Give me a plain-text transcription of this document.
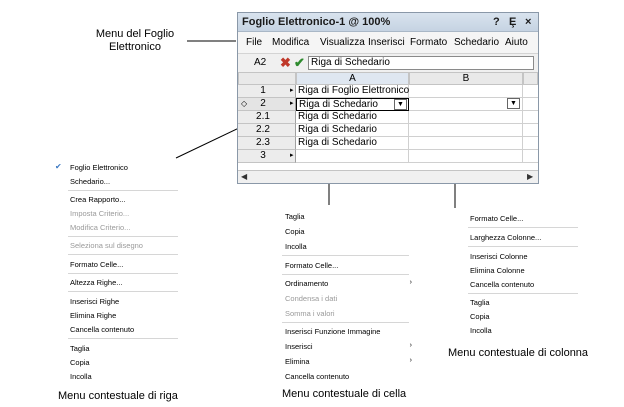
Menu del Foglio
Elettronico
Menu contestuale di riga	Menu contestuale di cella
Menu contestuale di colonna
Foglio Elettronico-1 @ 100%	? Ȩ ×
File Modifica Visualizza Inserisci Formato Schedario Aiuto
A2 ✖ ✔ Riga di Schedario
A	B
1	▸ Riga di Foglio Elettronico
◇	2	▸ Riga di Schedario	▼	▼
2.1	Riga di Schedario
2.2	Riga di Schedario
2.3	Riga di Schedario
3	▸
◀	▶
✔ Foglio Elettronico
Schedario...
Crea Rapporto...
Imposta Criterio...
Modifica Criterio...
Seleziona sul disegno
Formato Celle...
Altezza Righe...
Inserisci Righe
Elimina Righe
Cancella contenuto
Taglia
Copia
Incolla
Taglia
Copia
Incolla
Formato Celle...
Ordinamento	›
Condensa i dati
Somma i valori
Inserisci Funzione Immagine
Inserisci	›
Elimina	›
Cancella contenuto
Formato Celle...
Larghezza Colonne...
Inserisci Colonne
Elimina Colonne
Cancella contenuto
Taglia
Copia
Incolla
